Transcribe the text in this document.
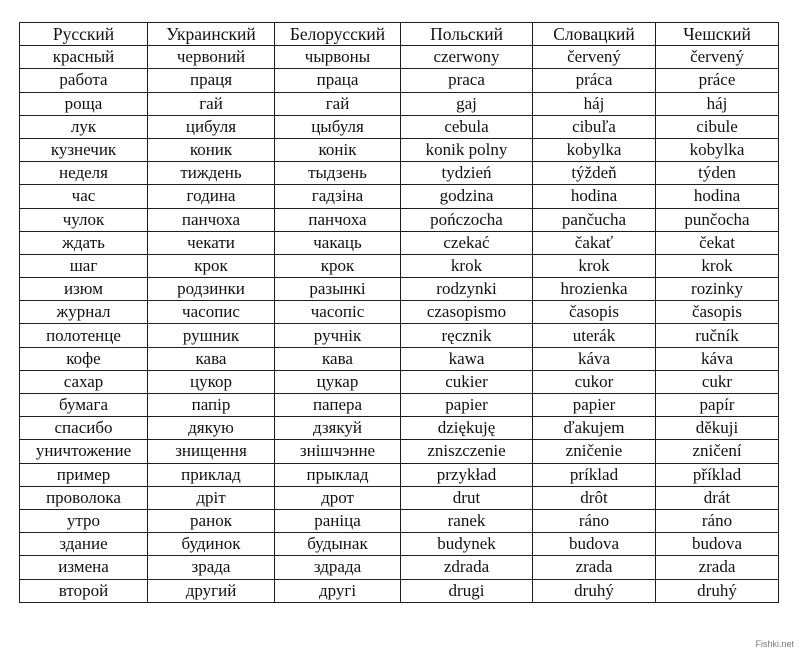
Русский	Украинский	Белорусский	Польский	Словацкий	Чешский
красный	червоний	чырвоны	czerwony	červený	červený
работа	праця	праца	praca	práca	práce
роща	гай	гай	gaj	háj	háj
лук	цибуля	цыбуля	cebula	cibuľa	cibule
кузнечик	коник	конік	konik polny	kobylka	kobylka
неделя	тиждень	тыдзень	tydzień	týždeň	týden
час	година	гадзіна	godzina	hodina	hodina
чулок	панчоха	панчоха	pończocha	pančucha	punčocha
ждать	чекати	чакаць	czekać	čakať	čekat
шаг	крок	крок	krok	krok	krok
изюм	родзинки	разынкі	rodzynki	hrozienka	rozinky
журнал	часопис	часопіс	czasopismo	časopis	časopis
полотенце	рушник	ручнік	ręcznik	uterák	ručník
кофе	кава	кава	kawa	káva	káva
сахар	цукор	цукар	cukier	cukor	cukr
бумага	папір	папера	papier	papier	papír
спасибо	дякую	дзякуй	dziękuję	ďakujem	děkuji
уничтожение	знищення	знішчэнне	zniszczenie	zničenie	zničení
пример	приклад	прыклад	przykład	príklad	příklad
проволока	дріт	дрот	drut	drôt	drát
утро	ранок	раніца	ranek	ráno	ráno
здание	будинок	будынак	budynek	budova	budova
измена	зрада	здрада	zdrada	zrada	zrada
второй	другий	другі	drugi	druhý	druhý
Fishki.net
